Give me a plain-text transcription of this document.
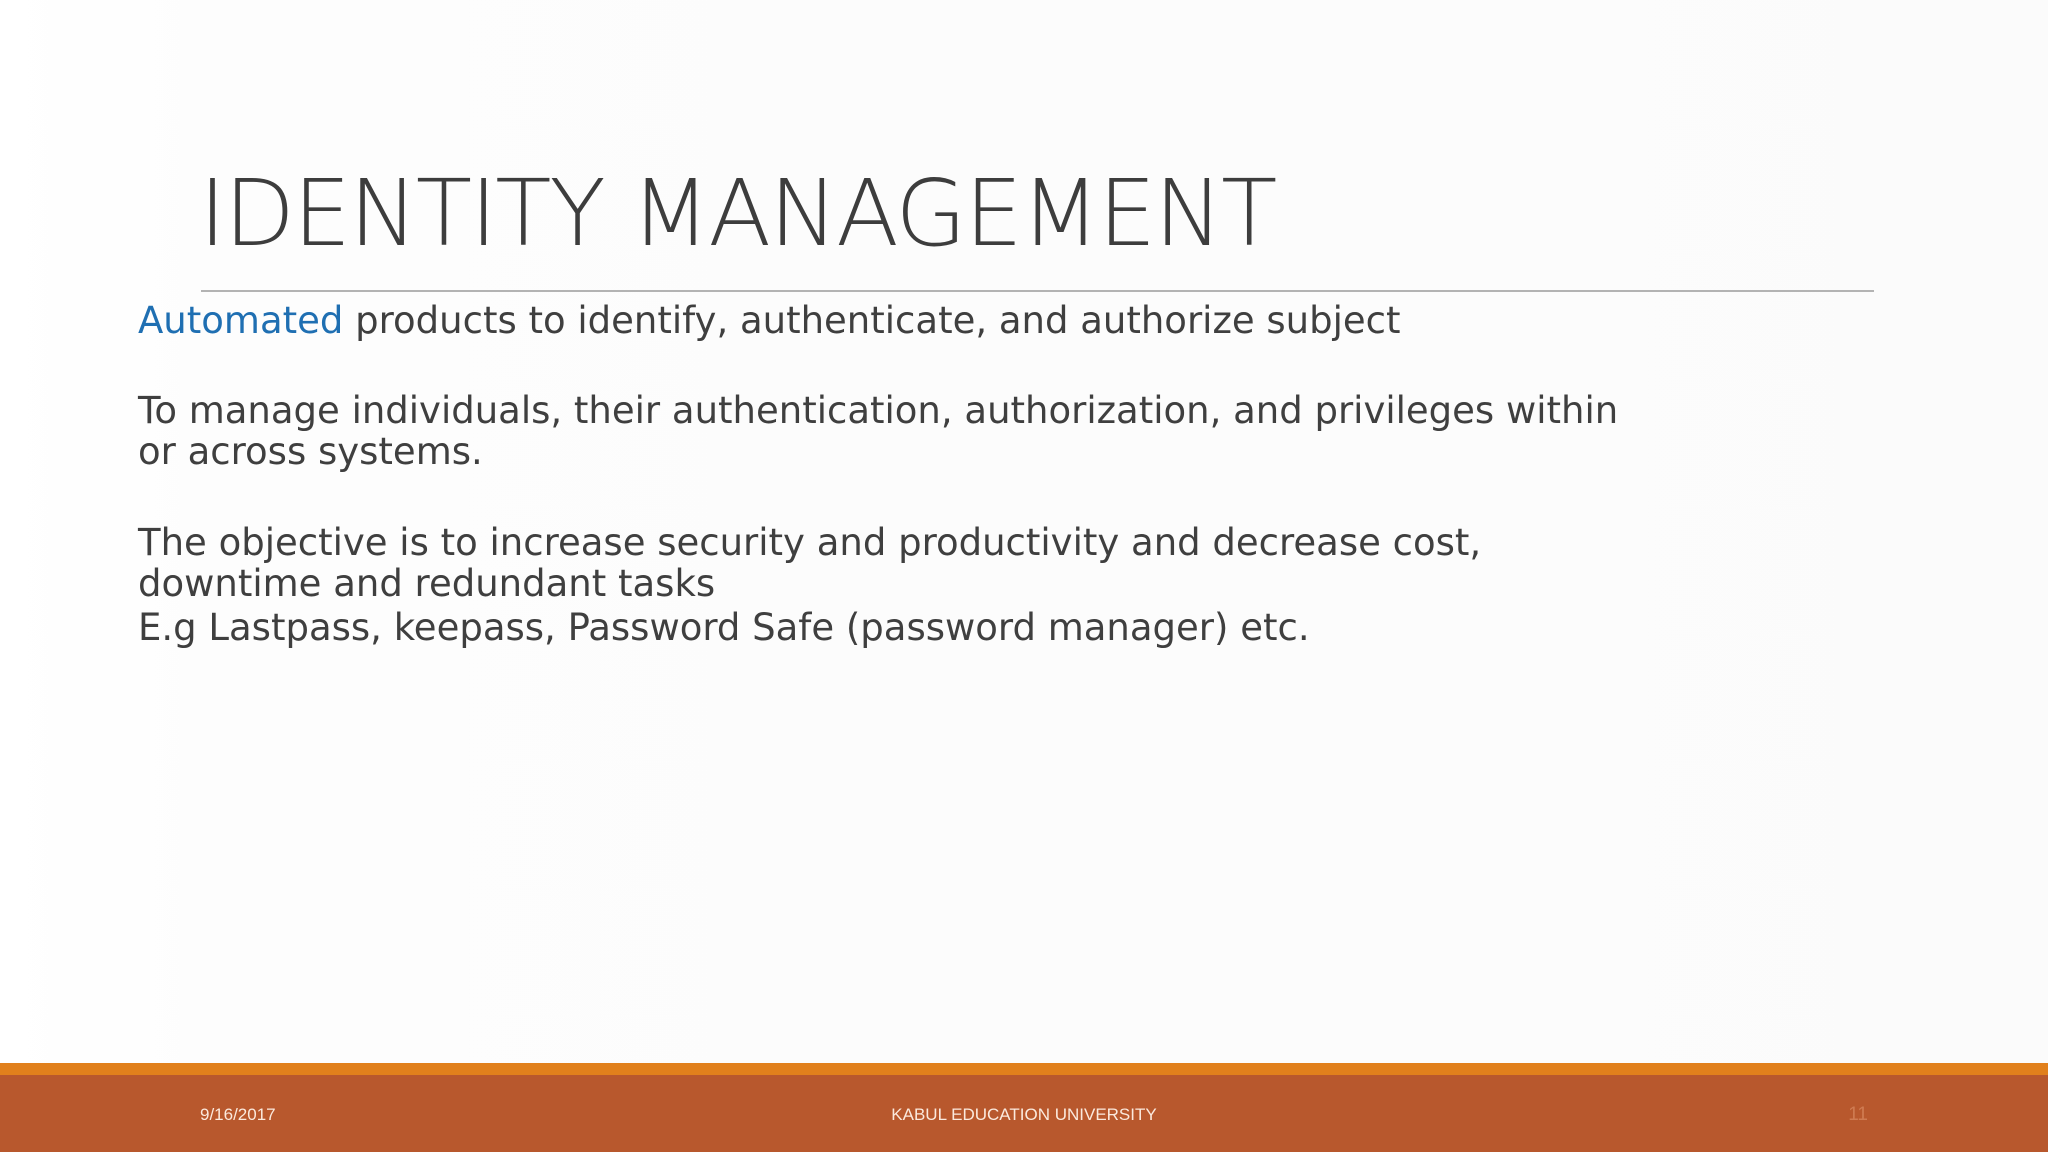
IDENTITY MANAGEMENT

Automated products to identify, authenticate, and authorize subject

To manage individuals, their authentication, authorization, and privileges within
or across systems.

The objective is to increase security and productivity and decrease cost,
downtime and redundant tasks

E.g Lastpass, keepass, Password Safe (password manager) etc.

9/16/2017	KABUL EDUCATION UNIVERSITY	11
